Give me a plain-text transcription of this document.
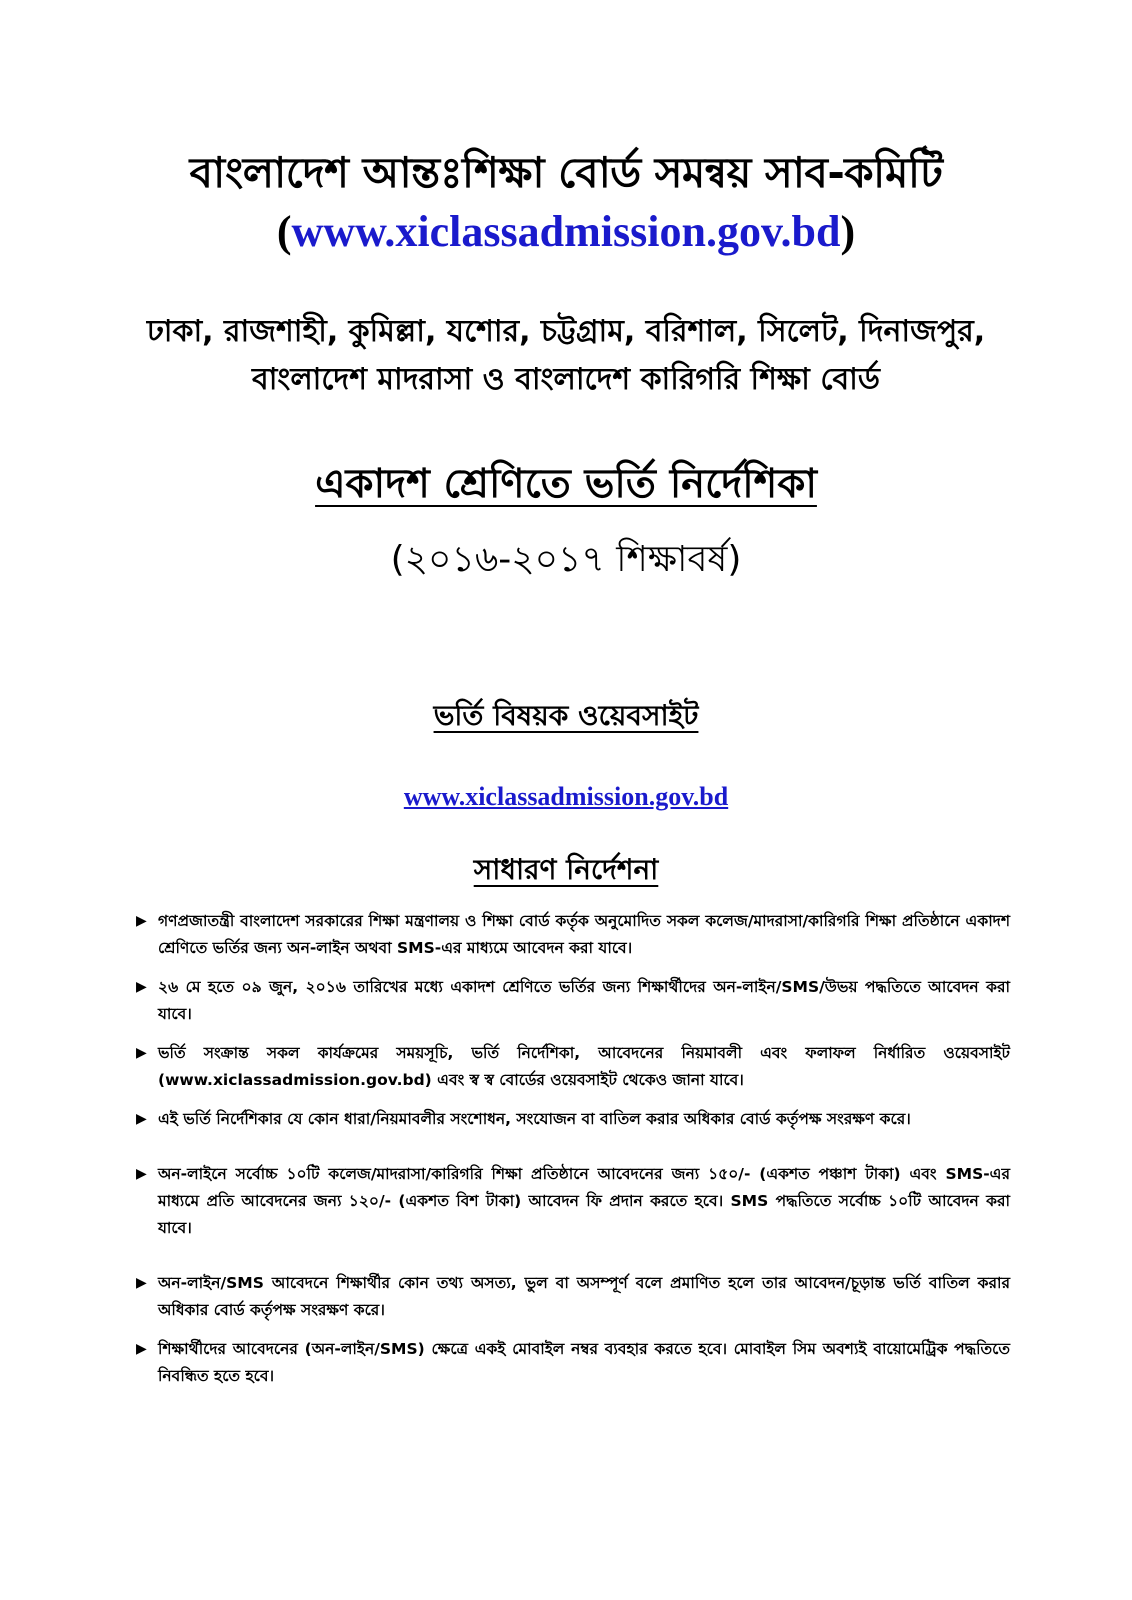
বাংলাদেশ আন্তঃশিক্ষা বোর্ড সমন্বয় সাব-কমিটি
(www.xiclassadmission.gov.bd)
ঢাকা, রাজশাহী, কুমিল্লা, যশোর, চট্টগ্রাম, বরিশাল, সিলেট, দিনাজপুর,
বাংলাদেশ মাদরাসা ও বাংলাদেশ কারিগরি শিক্ষা বোর্ড
একাদশ শ্রেণিতে ভর্তি নির্দেশিকা
(২০১৬-২০১৭ শিক্ষাবর্ষ)
ভর্তি বিষয়ক ওয়েবসাইট
www.xiclassadmission.gov.bd
সাধারণ নির্দেশনা
▶ গণপ্রজাতন্ত্রী বাংলাদেশ সরকারের শিক্ষা মন্ত্রণালয় ও শিক্ষা বোর্ড কর্তৃক অনুমোদিত সকল কলেজ/মাদরাসা/কারিগরি শিক্ষা প্রতিষ্ঠানে একাদশ শ্রেণিতে ভর্তির জন্য অন-লাইন অথবা SMS-এর মাধ্যমে আবেদন করা যাবে।
▶ ২৬ মে হতে ০৯ জুন, ২০১৬ তারিখের মধ্যে একাদশ শ্রেণিতে ভর্তির জন্য শিক্ষার্থীদের অন-লাইন/SMS/উভয় পদ্ধতিতে আবেদন করা যাবে।
▶ ভর্তি সংক্রান্ত সকল কার্যক্রমের সময়সূচি, ভর্তি নির্দেশিকা, আবেদনের নিয়মাবলী এবং ফলাফল নির্ধারিত ওয়েবসাইট (www.xiclassadmission.gov.bd) এবং স্ব স্ব বোর্ডের ওয়েবসাইট থেকেও জানা যাবে।
▶ এই ভর্তি নির্দেশিকার যে কোন ধারা/নিয়মাবলীর সংশোধন, সংযোজন বা বাতিল করার অধিকার বোর্ড কর্তৃপক্ষ সংরক্ষণ করে।
▶ অন-লাইনে সর্বোচ্চ ১০টি কলেজ/মাদরাসা/কারিগরি শিক্ষা প্রতিষ্ঠানে আবেদনের জন্য ১৫০/- (একশত পঞ্চাশ টাকা) এবং SMS-এর মাধ্যমে প্রতি আবেদনের জন্য ১২০/- (একশত বিশ টাকা) আবেদন ফি প্রদান করতে হবে। SMS পদ্ধতিতে সর্বোচ্চ ১০টি আবেদন করা যাবে।
▶ অন-লাইন/SMS আবেদনে শিক্ষার্থীর কোন তথ্য অসত্য, ভুল বা অসম্পূর্ণ বলে প্রমাণিত হলে তার আবেদন/চূড়ান্ত ভর্তি বাতিল করার অধিকার বোর্ড কর্তৃপক্ষ সংরক্ষণ করে।
▶ শিক্ষার্থীদের আবেদনের (অন-লাইন/SMS) ক্ষেত্রে একই মোবাইল নম্বর ব্যবহার করতে হবে। মোবাইল সিম অবশ্যই বায়োমেট্রিক পদ্ধতিতে নিবন্ধিত হতে হবে।
